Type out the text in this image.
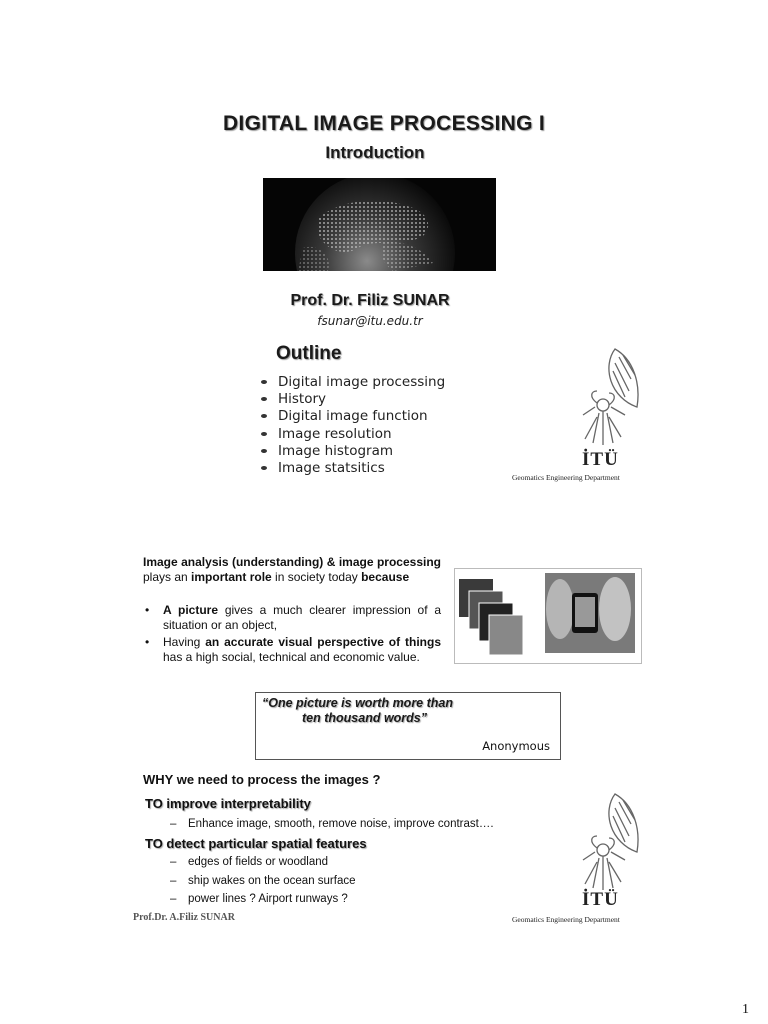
DIGITAL IMAGE PROCESSING I
Introduction
Prof. Dr. Filiz SUNAR
fsunar@itu.edu.tr
Outline
Digital image processing
History
Digital image function
Image resolution
Image histogram
Image statsitics	İTÜ
Geomatics Engineering Department
Image analysis (understanding) & image processing plays an important role in society today because
• A picture gives a much clearer impression of a situation or an object,
• Having an accurate visual perspective of things has a high social, technical and economic value.
“One picture is worth more than
ten thousand words”
Anonymous
WHY we need to process the images ?
TO improve interpretability
– Enhance image, smooth, remove noise, improve contrast….
TO detect particular spatial features
– edges of fields or woodland
– ship wakes on the ocean surface
– power lines ? Airport runways ?	İTÜ
Geomatics Engineering Department
Prof.Dr. A.Filiz SUNAR
1
